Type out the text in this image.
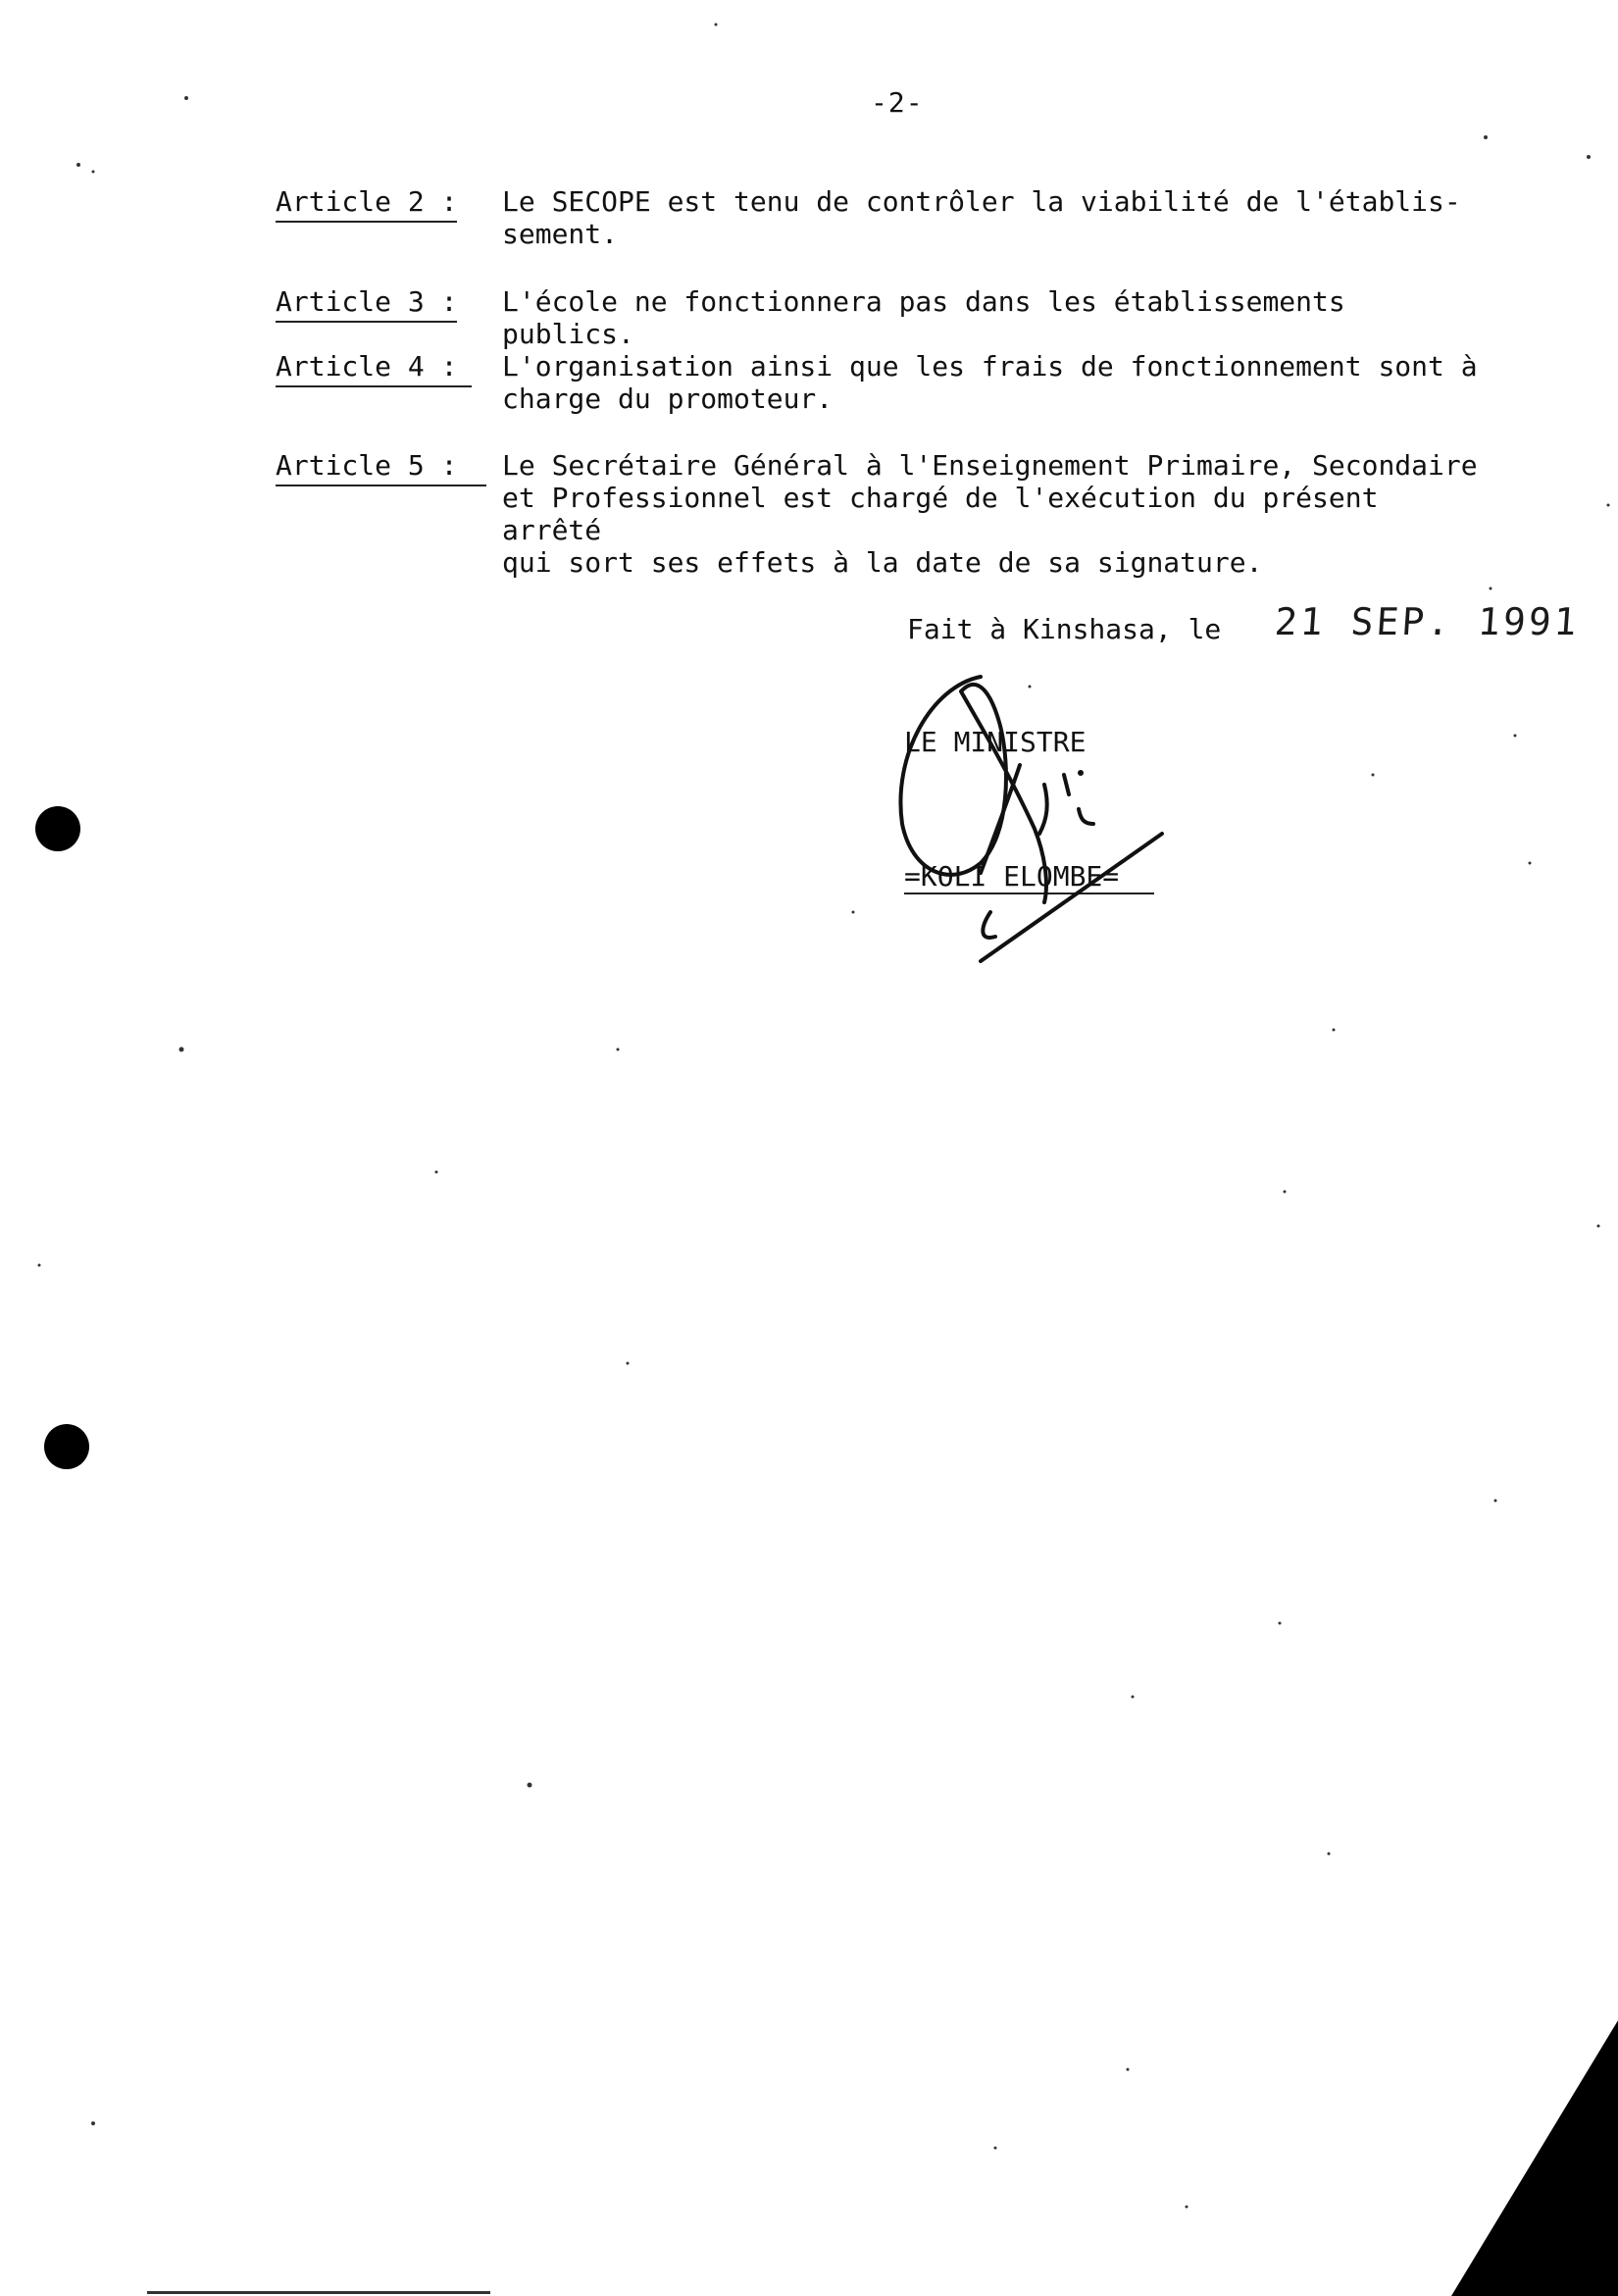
-2-
Article 2 : Le SECOPE est tenu de contrôler la viabilité de l'établis-
sement.
Article 3 : L'école ne fonctionnera pas dans les établissements publics.
Article 4 : L'organisation ainsi que les frais de fonctionnement sont à
charge du promoteur.
Article 5 : Le Secrétaire Général à l'Enseignement Primaire, Secondaire
et Professionnel est chargé de l'exécution du présent arrêté
qui sort ses effets à la date de sa signature.
Fait à Kinshasa, le 21 SEP. 1991
LE MINISTRE
=KOLI ELOMBE=
